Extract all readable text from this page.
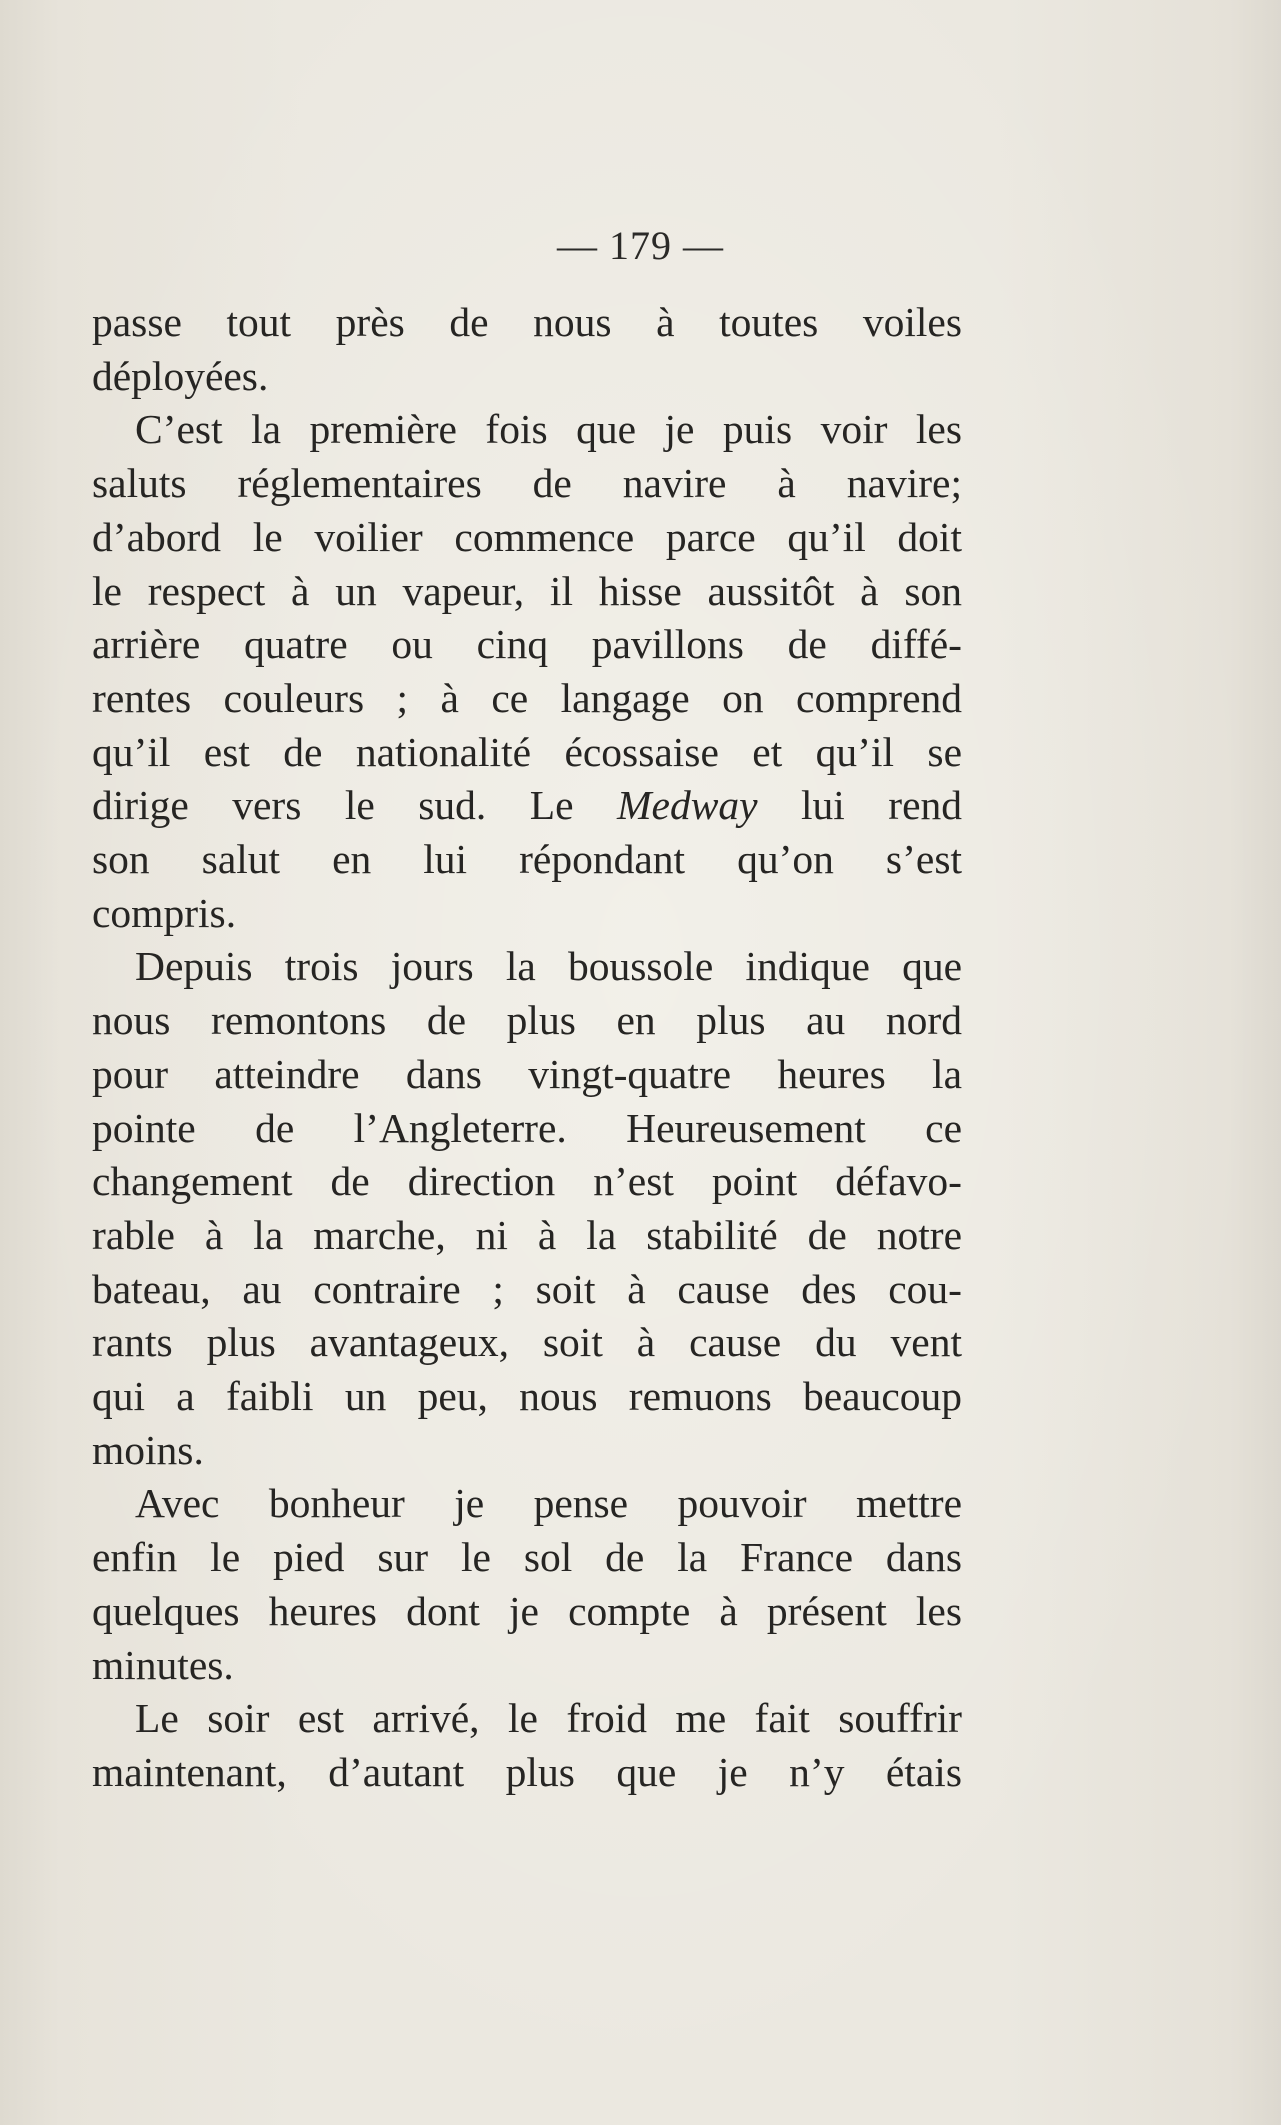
— 179 —

passe tout près de nous à toutes voiles
déployées.

C’est la première fois que je puis voir les
saluts réglementaires de navire à navire;
d’abord le voilier commence parce qu’il doit
le respect à un vapeur, il hisse aussitôt à son
arrière quatre ou cinq pavillons de diffé-
rentes couleurs ; à ce langage on comprend
qu’il est de nationalité écossaise et qu’il se
dirige vers le sud. Le Medway lui rend
son salut en lui répondant qu’on s’est
compris.

Depuis trois jours la boussole indique que
nous remontons de plus en plus au nord
pour atteindre dans vingt-quatre heures la
pointe de l’Angleterre. Heureusement ce
changement de direction n’est point défavo-
rable à la marche, ni à la stabilité de notre
bateau, au contraire ; soit à cause des cou-
rants plus avantageux, soit à cause du vent
qui a faibli un peu, nous remuons beaucoup
moins.

Avec bonheur je pense pouvoir mettre
enfin le pied sur le sol de la France dans
quelques heures dont je compte à présent les
minutes.

Le soir est arrivé, le froid me fait souffrir
maintenant, d’autant plus que je n’y étais
